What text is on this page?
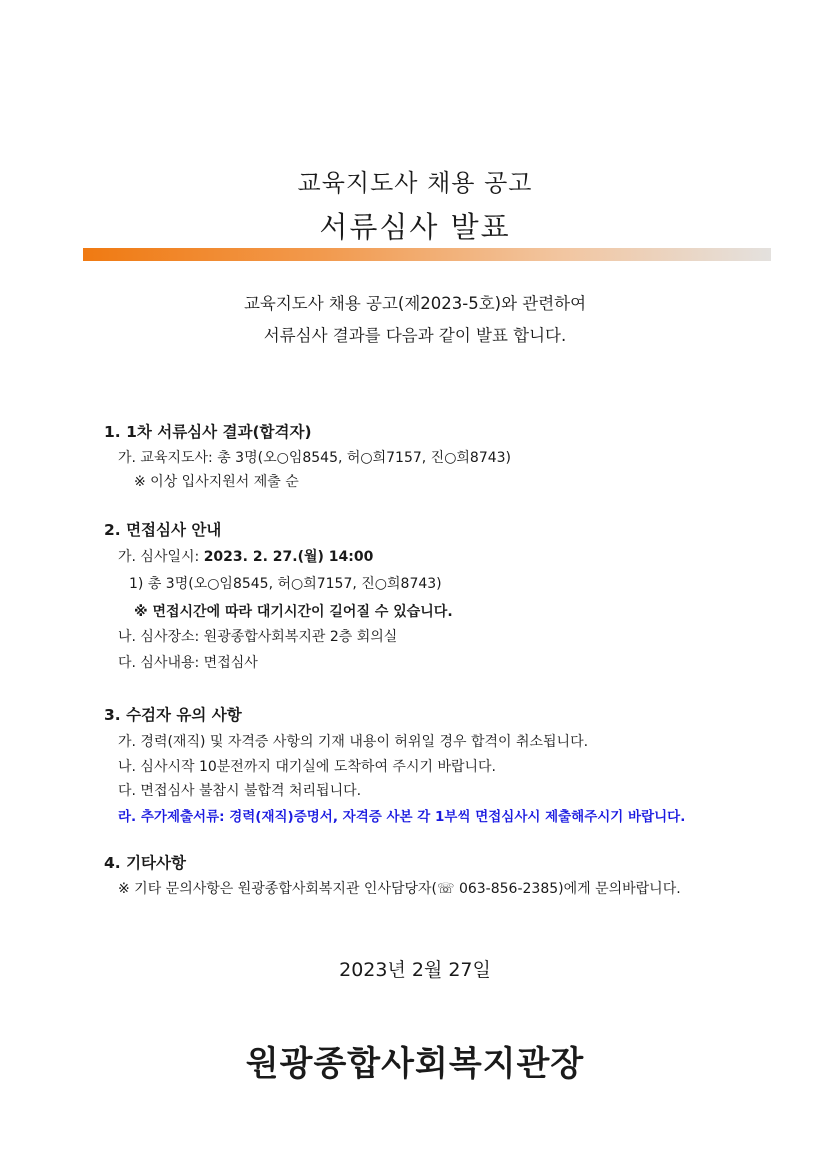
교육지도사 채용 공고
서류심사 발표

교육지도사 채용 공고(제2023-5호)와 관련하여

서류심사 결과를 다음과 같이 발표 합니다.

1. 1차 서류심사 결과(합격자)

가. 교육지도사: 총 3명(오○임8545, 허○희7157, 진○희8743)

※ 이상 입사지원서 제출 순

2. 면접심사 안내

가. 심사일시: 2023. 2. 27.(월) 14:00

1) 총 3명(오○임8545, 허○희7157, 진○희8743)

※ 면접시간에 따라 대기시간이 길어질 수 있습니다.

나. 심사장소: 원광종합사회복지관 2층 회의실

다. 심사내용: 면접심사

3. 수검자 유의 사항

가. 경력(재직) 및 자격증 사항의 기재 내용이 허위일 경우 합격이 취소됩니다.

나. 심사시작 10분전까지 대기실에 도착하여 주시기 바랍니다.

다. 면접심사 불참시 불합격 처리됩니다.

라. 추가제출서류: 경력(재직)증명서, 자격증 사본 각 1부씩 면접심사시 제출해주시기 바랍니다.

4. 기타사항

※ 기타 문의사항은 원광종합사회복지관 인사담당자(☏ 063-856-2385)에게 문의바랍니다.

2023년 2월 27일

원광종합사회복지관장
